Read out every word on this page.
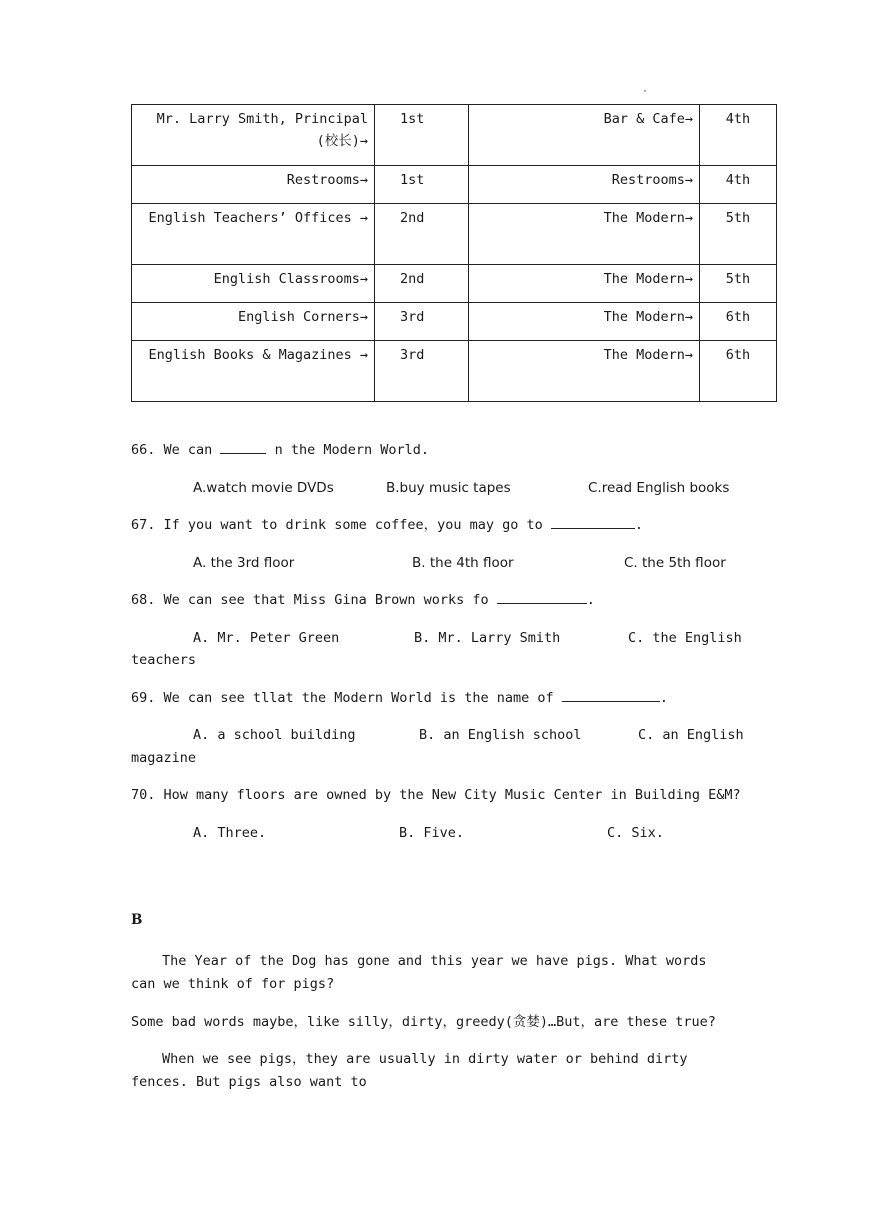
·
Mr. Larry Smith, Principal (校长)→	1st	Bar & Cafe→	4th
Restrooms→	1st	Restrooms→	4th
English Teachers’ Offices →	2nd	The Modern→	5th
English Classrooms→	2nd	The Modern→	5th
English Corners→	3rd	The Modern→	6th
English Books & Magazines →	3rd	The Modern→	6th
66. We can	n the Modern World.
A.watch movie DVDs	B.buy music tapes	C.read English books
67. If you want to drink some coffee，you may go to	.
A. the 3rd floor	B. the 4th floor	C. the 5th floor
68. We can see that Miss Gina Brown works fo	.
A. Mr. Peter Green	B. Mr. Larry Smith	C. the English
teachers
69. We can see tllat the Modern World is the name of	.
A. a school building	B. an English school	C. an English
magazine
70. How many floors are owned by the New City Music Center in Building E&M?
A. Three.	B. Five.	C. Six.
B
The Year of the Dog has gone and this year we have pigs. What words can we think of for pigs?
Some bad words maybe，like silly，dirty，greedy(贪婪)…But，are these true?
When we see pigs，they are usually in dirty water or behind dirty fences. But pigs also want to
